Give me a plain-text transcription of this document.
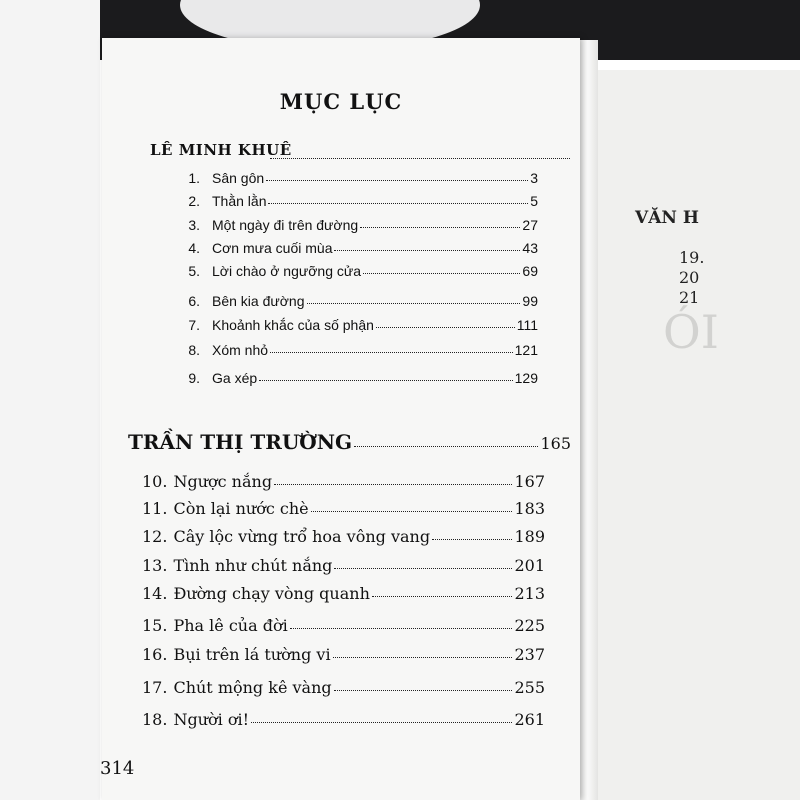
VĂN H
19.
20
21
ÓI
MỤC LỤC
LÊ MINH KHUÊ
1. Sân gôn	3
2. Thằn lằn	5
3. Một ngày đi trên đường	27
4. Cơn mưa cuối mùa	43
5. Lời chào ở ngưỡng cửa	69
6. Bên kia đường	99
7. Khoảnh khắc của số phận	111
8. Xóm nhỏ	121
9. Ga xép	129
TRẦN THỊ TRƯỜNG	165
10. Ngược nắng	167
11. Còn lại nước chè	183
12. Cây lộc vừng trổ hoa vông vang	189
13. Tình như chút nắng	201
14. Đường chạy vòng quanh	213
15. Pha lê của đời	225
16. Bụi trên lá tường vi	237
17. Chút mộng kê vàng	255
18. Người ơi!	261
314
